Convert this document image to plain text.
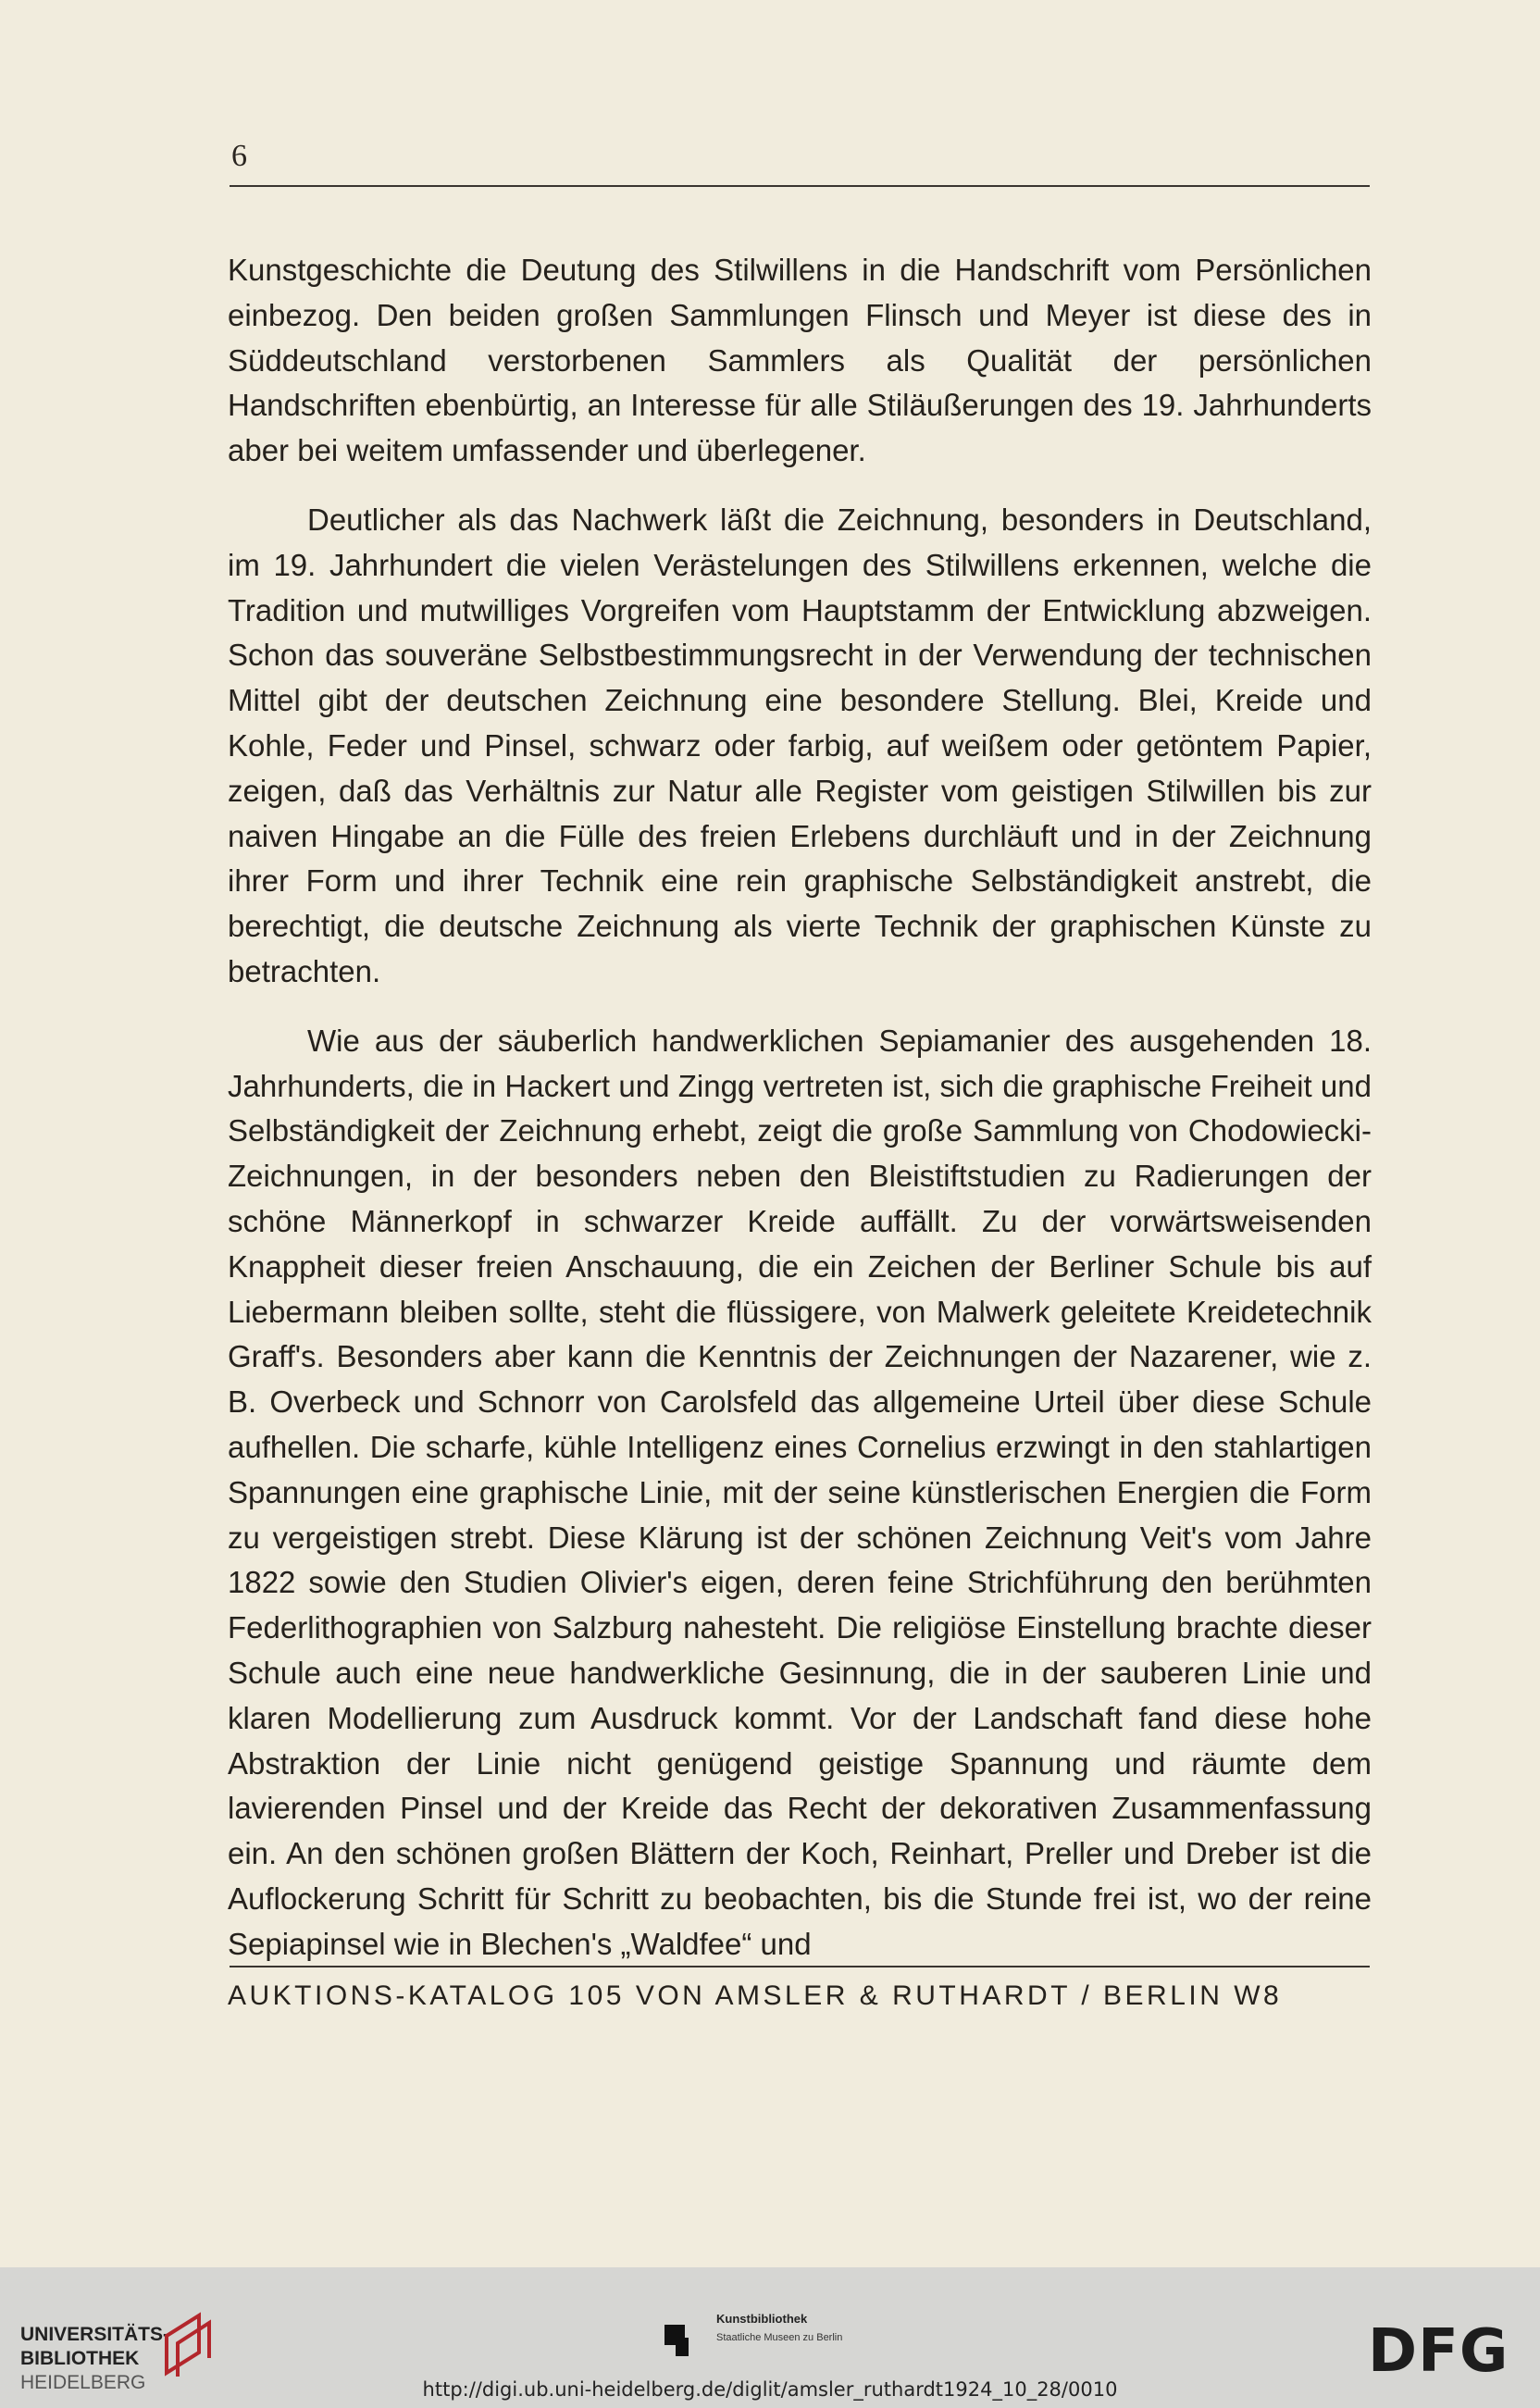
6

Kunstgeschichte die Deutung des Stilwillens in die Handschrift vom Persönlichen einbezog. Den beiden großen Sammlungen Flinsch und Meyer ist diese des in Süddeutschland verstorbenen Sammlers als Qualität der persönlichen Handschriften ebenbürtig, an Interesse für alle Stiläußerungen des 19. Jahrhunderts aber bei weitem umfassender und überlegener.

Deutlicher als das Nachwerk läßt die Zeichnung, besonders in Deutschland, im 19. Jahrhundert die vielen Verästelungen des Stilwillens erkennen, welche die Tradition und mutwilliges Vorgreifen vom Hauptstamm der Entwicklung abzweigen. Schon das souveräne Selbstbestimmungsrecht in der Verwendung der technischen Mittel gibt der deutschen Zeichnung eine besondere Stellung. Blei, Kreide und Kohle, Feder und Pinsel, schwarz oder farbig, auf weißem oder getöntem Papier, zeigen, daß das Verhältnis zur Natur alle Register vom geistigen Stilwillen bis zur naiven Hingabe an die Fülle des freien Erlebens durchläuft und in der Zeichnung ihrer Form und ihrer Technik eine rein graphische Selbständigkeit anstrebt, die berechtigt, die deutsche Zeichnung als vierte Technik der graphischen Künste zu betrachten.

Wie aus der säuberlich handwerklichen Sepiamanier des ausgehenden 18. Jahrhunderts, die in Hackert und Zingg vertreten ist, sich die graphische Freiheit und Selbständigkeit der Zeichnung erhebt, zeigt die große Sammlung von Chodowiecki-Zeichnungen, in der besonders neben den Bleistiftstudien zu Radierungen der schöne Männerkopf in schwarzer Kreide auffällt. Zu der vorwärtsweisenden Knappheit dieser freien Anschauung, die ein Zeichen der Berliner Schule bis auf Liebermann bleiben sollte, steht die flüssigere, von Malwerk geleitete Kreidetechnik Graff's. Besonders aber kann die Kenntnis der Zeichnungen der Nazarener, wie z. B. Overbeck und Schnorr von Carolsfeld das allgemeine Urteil über diese Schule aufhellen. Die scharfe, kühle Intelligenz eines Cornelius erzwingt in den stahlartigen Spannungen eine graphische Linie, mit der seine künstlerischen Energien die Form zu vergeistigen strebt. Diese Klärung ist der schönen Zeichnung Veit's vom Jahre 1822 sowie den Studien Olivier's eigen, deren feine Strichführung den berühmten Federlithographien von Salzburg nahesteht. Die religiöse Einstellung brachte dieser Schule auch eine neue handwerkliche Gesinnung, die in der sauberen Linie und klaren Modellierung zum Ausdruck kommt. Vor der Landschaft fand diese hohe Abstraktion der Linie nicht genügend geistige Spannung und räumte dem lavierenden Pinsel und der Kreide das Recht der dekorativen Zusammenfassung ein. An den schönen großen Blättern der Koch, Reinhart, Preller und Dreber ist die Auflockerung Schritt für Schritt zu beobachten, bis die Stunde frei ist, wo der reine Sepiapinsel wie in Blechen's „Waldfee“ und

AUKTIONS-KATALOG 105 VON AMSLER & RUTHARDT / BERLIN W8
UNIVERSITÄTS-
BIBLIOTHEK
HEIDELBERG
Kunstbibliothek
Staatliche Museen zu Berlin	DFG
http://digi.ub.uni-heidelberg.de/diglit/amsler_ruthardt1924_10_28/0010
